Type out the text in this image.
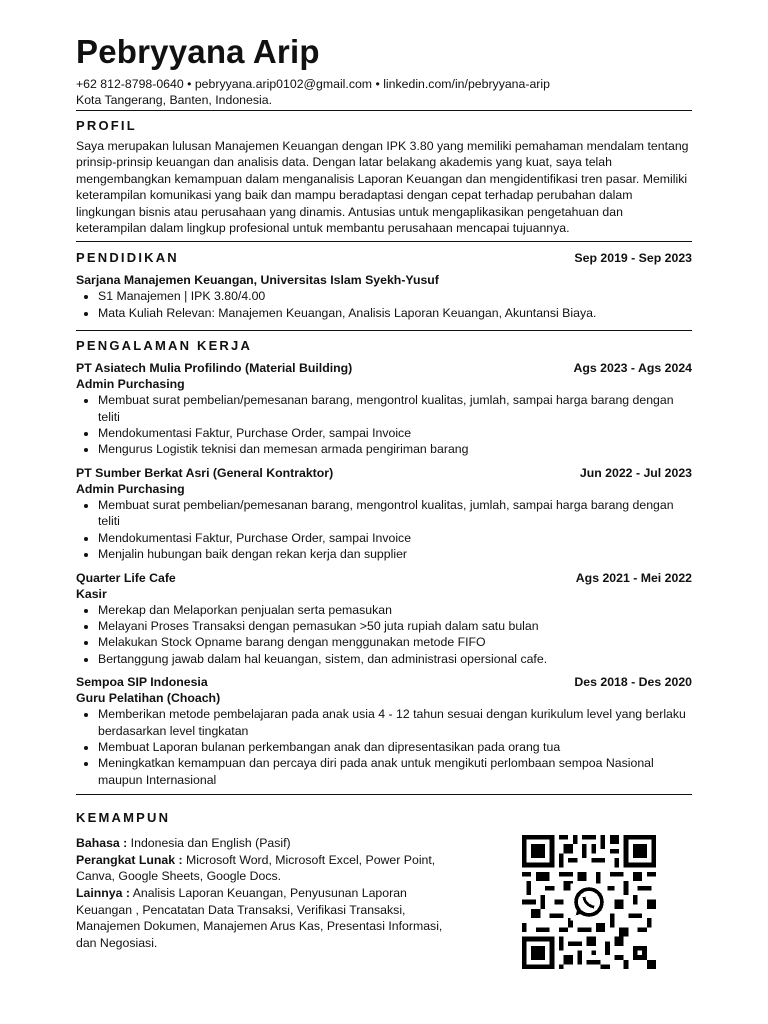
Pebryyana Arip
+62 812-8798-0640 • pebryyana.arip0102@gmail.com • linkedin.com/in/pebryyana-arip
Kota Tangerang, Banten, Indonesia.
PROFIL

Saya merupakan lulusan Manajemen Keuangan dengan IPK 3.80 yang memiliki pemahaman mendalam tentang prinsip-prinsip keuangan dan analisis data. Dengan latar belakang akademis yang kuat, saya telah mengembangkan kemampuan dalam menganalisis Laporan Keuangan dan mengidentifikasi tren pasar. Memiliki keterampilan komunikasi yang baik dan mampu beradaptasi dengan cepat terhadap perubahan dalam lingkungan bisnis atau perusahaan yang dinamis. Antusias untuk mengaplikasikan pengetahuan dan keterampilan dalam lingkup profesional untuk membantu perusahaan mencapai tujuannya.

PENDIDIKAN	Sep 2019 - Sep 2023
Sarjana Manajemen Keuangan, Universitas Islam Syekh-Yusuf
• S1 Manajemen | IPK 3.80/4.00
• Mata Kuliah Relevan: Manajemen Keuangan, Analisis Laporan Keuangan, Akuntansi Biaya.
PENGALAMAN KERJA
PT Asiatech Mulia Profilindo (Material Building)	Ags 2023 - Ags 2024
Admin Purchasing
• Membuat surat pembelian/pemesanan barang, mengontrol kualitas, jumlah, sampai harga barang dengan teliti
• Mendokumentasi Faktur, Purchase Order, sampai Invoice
• Mengurus Logistik teknisi dan memesan armada pengiriman barang
PT Sumber Berkat Asri (General Kontraktor)	Jun 2022 - Jul 2023
Admin Purchasing
• Membuat surat pembelian/pemesanan barang, mengontrol kualitas, jumlah, sampai harga barang dengan teliti
• Mendokumentasi Faktur, Purchase Order, sampai Invoice
• Menjalin hubungan baik dengan rekan kerja dan supplier
Quarter Life Cafe	Ags 2021 - Mei 2022
Kasir
• Merekap dan Melaporkan penjualan serta pemasukan
• Melayani Proses Transaksi dengan pemasukan >50 juta rupiah dalam satu bulan
• Melakukan Stock Opname barang dengan menggunakan metode FIFO
• Bertanggung jawab dalam hal keuangan, sistem, dan administrasi opersional cafe.
Sempoa SIP Indonesia	Des 2018 - Des 2020
Guru Pelatihan (Choach)
• Memberikan metode pembelajaran pada anak usia 4 - 12 tahun sesuai dengan kurikulum level yang berlaku berdasarkan level tingkatan
• Membuat Laporan bulanan perkembangan anak dan dipresentasikan pada orang tua
• Meningkatkan kemampuan dan percaya diri pada anak untuk mengikuti perlombaan sempoa Nasional maupun Internasional
KEMAMPUN
Bahasa : Indonesia dan English (Pasif)
Perangkat Lunak : Microsoft Word, Microsoft Excel, Power Point, Canva, Google Sheets, Google Docs.
Lainnya : Analisis Laporan Keuangan, Penyusunan Laporan Keuangan , Pencatatan Data Transaksi, Verifikasi Transaksi, Manajemen Dokumen, Manajemen Arus Kas, Presentasi Informasi, dan Negosiasi.
